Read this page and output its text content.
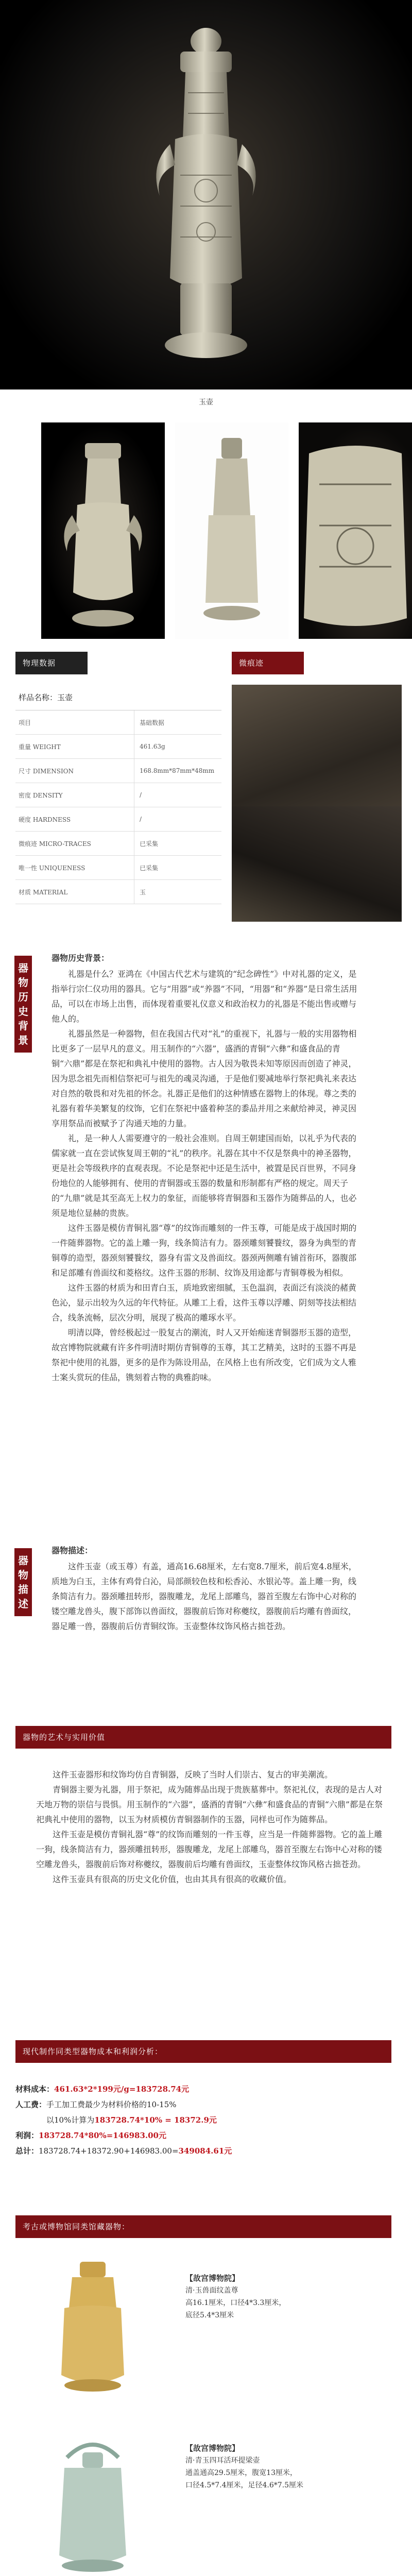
玉壶
物理数据	微痕迹
样品名称：玉壶
项目	基础数据
重量 WEIGHT	461.63g
尺寸 DIMENSION	168.8mm*87mm*48mm
密度 DENSITY	/
硬度 HARDNESS	/
微痕迹 MICRO-TRACES	已采集
唯一性 UNIQUENESS	已采集
材质 MATERIAL	玉
器
物
历
史
背
景
器物历史背景：

礼器是什么？亚鸿在《中国古代艺术与建筑的“纪念碑性”》中对礼器的定义，是指举行宗仁仪功用的器具。它与“用器”或“养器”不同，“用器”和“养器”是日常生活用品，可以在市场上出售，而体现着重要礼仪意义和政治权力的礼器是不能出售或赠与他人的。

礼器虽然是一种器物，但在我国古代对“礼”的重视下，礼器与一般的实用器物相比更多了一层早凡的意义。用玉制作的“六器”，盛酒的青铜“六彝”和盛食品的青铜“六鼎”都是在祭祀和典礼中使用的器物。古人因为敬畏未知等原因而创造了神灵，因为思念祖先而相信祭祀可与祖先的魂灵沟通，于是他们要减地举行祭祀典礼来表达对自然的敬畏和对先祖的怀念。礼器正是他们的这种情感在器物上的体现。尊之类的礼器有着华美繁复的纹饰，它们在祭祀中盛着种茎的黍品并用之来献给神灵，神灵因享用祭品而被赋予了沟通天地的力量。

礼，是一种人人需要遵守的一般社会准则。自周王朝建国而始，以礼乎为代表的儒家就一直在尝试恢复周王朝的“礼”的秩序。礼器在其中不仅是祭典中的神圣器物，更是社会等级秩序的直观表现。不论是祭祀中还是生活中，被置是民百世界，不同身份地位的人能够拥有、使用的青铜器或玉器的数量和形制都有严格的规定。周天子的“九鼎”就是其至高无上权力的象征，而能够将青铜器和玉器作为随葬品的人，也必须是地位显赫的贵族。

这件玉器是模仿青铜礼器“尊”的纹饰而雕刻的一件玉尊，可能是成于战国时期的一件随葬器物。它的盖上雕一狗，线条简洁有力。器颈雕刻饕餮纹，器身为典型的青铜尊的造型，器颈刻饕餮纹，器身有雷文及兽面纹。器颈两侧雕有铺首衔环，器腹部和足部雕有兽面纹和菱格纹。这件玉器的形制、纹饰及用途都与青铜尊极为相似。

这件玉器的材质为和田青白玉，质地致密细腻，玉色温润，表面泛有淡淡的赭黄色沁，显示出较为久远的年代特征。从雕工上看，这件玉尊以浮雕、阴刻等技法相结合，线条流畅，层次分明，展现了极高的雕琢水平。

明清以降，曾经极起过一股复古的潮流，时人又开始痴迷青铜器形玉器的造型，故宫博物院就藏有许多件明清时期仿青铜尊的玉尊，其工艺精美，这时的玉器不再是祭祀中使用的礼器，更多的是作为陈设用品，在风格上也有所改变，它们成为文人雅士案头赏玩的佳品，镌刻着古物的典雅韵味。

器
物
描
述
器物描述：

这件玉壶（或玉尊）有盖，通高16.68厘米，左右宽8.7厘米，前后宽4.8厘米，质地为白玉，主体有鸡骨白沁，局部颜较色枝和松香沁、水银沁等。盖上雕一狗，线条简洁有力。器颈雕扭转形，器腹雕龙，龙尾上部雕鸟，器首至腹左右饰中心对称的镂空雕龙兽头，腹下部饰以兽面纹，器腹前后饰对称夔纹，器腹前后均雕有兽面纹，器足雕一兽，器腹前后仿青铜纹饰。玉壶整体纹饰风格古拙苍劲。

器物的艺术与实用价值

这件玉壶器形和纹饰均仿自青铜器，反映了当时人们崇古、复古的审美潮流。

青铜器主要为礼器，用于祭祀，成为随葬品出现于贵族墓葬中。祭祀礼仪，表现的是古人对天地万物的崇信与畏惧。用玉制作的“六器”，盛酒的青铜“六彝”和盛食品的青铜“六鼎”都是在祭祀典礼中使用的器物，以玉为材质模仿青铜器制作的玉器，同样也可作为随葬品。

这件玉壶是模仿青铜礼器“尊”的纹饰而雕刻的一件玉尊，应当是一件随葬器物。它的盖上雕一狗，线条简洁有力，器颈雕扭转形，器腹雕龙，龙尾上部雕鸟，器首至腹左右饰中心对称的镂空雕龙兽头，器腹前后饰对称夔纹，器腹前后均雕有兽面纹，玉壶整体纹饰风格古拙苍劲。

这件玉壶具有很高的历史文化价值，也由其具有很高的收藏价值。

现代制作同类型器物成本和利润分析：
材料成本：461.63*2*199元/g=183728.74元
人工费：手工加工费最少为材料价格的10-15%
以10%计算为183728.74*10% = 18372.9元
利润：183728.74*80%=146983.00元
总计：183728.74+18372.90+146983.00=349084.61元
考古或博物馆同类馆藏器物：
【故宫博物院】
清·玉兽面纹盖尊
高16.1厘米，口径4*3.3厘米，
底径5.4*3厘米
【故宫博物院】
清·青玉四耳活环提梁壶
通盖通高29.5厘米，腹宽13厘米，
口径4.5*7.4厘米，足径4.6*7.5厘米
